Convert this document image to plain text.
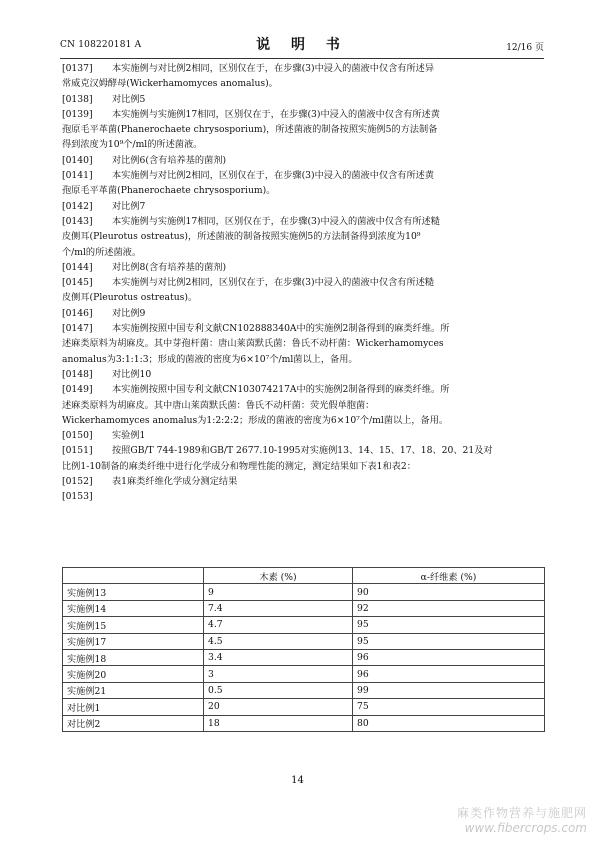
CN 108220181 A	说 明 书	12/16 页
[0137] 本实施例与对比例2相同，区别仅在于，在步骤(3)中浸入的菌液中仅含有所述异
常威克汉姆酵母(Wickerhamomyces anomalus)。
[0138] 对比例5
[0139] 本实施例与实施例17相同，区别仅在于，在步骤(3)中浸入的菌液中仅含有所述黄
孢原毛平革菌(Phanerochaete chrysosporium)，所述菌液的制备按照实施例5的方法制备
得到浓度为10⁹个/ml的所述菌液。
[0140] 对比例6(含有培养基的菌剂)
[0141] 本实施例与对比例2相同，区别仅在于，在步骤(3)中浸入的菌液中仅含有所述黄
孢原毛平革菌(Phanerochaete chrysosporium)。
[0142] 对比例7
[0143] 本实施例与实施例17相同，区别仅在于，在步骤(3)中浸入的菌液中仅含有所述糙
皮侧耳(Pleurotus ostreatus)，所述菌液的制备按照实施例5的方法制备得到浓度为10⁹
个/ml的所述菌液。
[0144] 对比例8(含有培养基的菌剂)
[0145] 本实施例与对比例2相同，区别仅在于，在步骤(3)中浸入的菌液中仅含有所述糙
皮侧耳(Pleurotus ostreatus)。
[0146] 对比例9
[0147] 本实施例按照中国专利文献CN102888340A中的实施例2制备得到的麻类纤维。所
述麻类原料为胡麻皮。其中芽孢杆菌：唐山莱茵默氏菌：鲁氏不动杆菌：Wickerhamomyces
anomalus为3:1:1:3；形成的菌液的密度为6×10⁷个/ml菌以上，备用。
[0148] 对比例10
[0149] 本实施例按照中国专利文献CN103074217A中的实施例2制备得到的麻类纤维。所
述麻类原料为胡麻皮。其中唐山莱茵默氏菌：鲁氏不动杆菌：荧光假单胞菌：
Wickerhamomyces anomalus为1:2:2:2；形成的菌液的密度为6×10⁷个/ml菌以上，备用。
[0150] 实验例1
[0151] 按照GB/T 744-1989和GB/T 2677.10-1995对实施例13、14、15、17、18、20、21及对
比例1-10制备的麻类纤维中进行化学成分和物理性能的测定，测定结果如下表1和表2：
[0152] 表1麻类纤维化学成分测定结果
[0153]
	木素 (%)	α-纤维素 (%)
实施例13	9	90
实施例14	7.4	92
实施例15	4.7	95
实施例17	4.5	95
实施例18	3.4	96
实施例20	3	96
实施例21	0.5	99
对比例1	20	75
对比例2	18	80
14
麻类作物营养与施肥网
www.fibercrops.com
